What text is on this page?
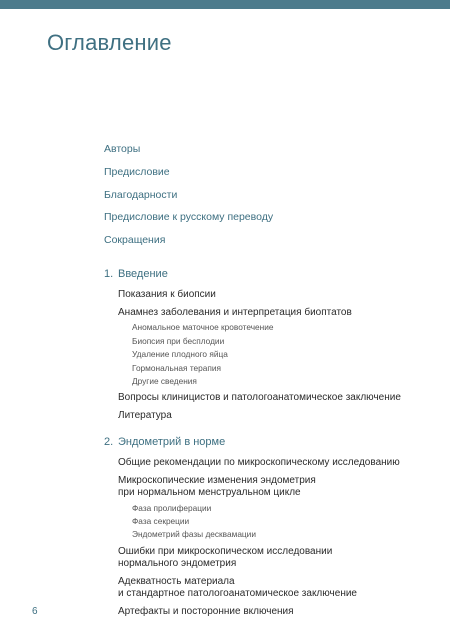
Оглавление
Авторы
Предисловие
Благодарности
Предисловие к русскому переводу
Сокращения
1. Введение
Показания к биопсии
Анамнез заболевания и интерпретация биоптатов
Аномальное маточное кровотечение
Биопсия при бесплодии
Удаление плодного яйца
Гормональная терапия
Другие сведения
Вопросы клиницистов и патологоанатомическое заключение
Литература
2. Эндометрий в норме
Общие рекомендации по микроскопическому исследованию
Микроскопические изменения эндометрия
при нормальном менструальном цикле
Фаза пролиферации
Фаза секреции
Эндометрий фазы десквамации
Ошибки при микроскопическом исследовании
нормального эндометрия
Адекватность материала
и стандартное патологоанатомическое заключение
Артефакты и посторонние включения
6
